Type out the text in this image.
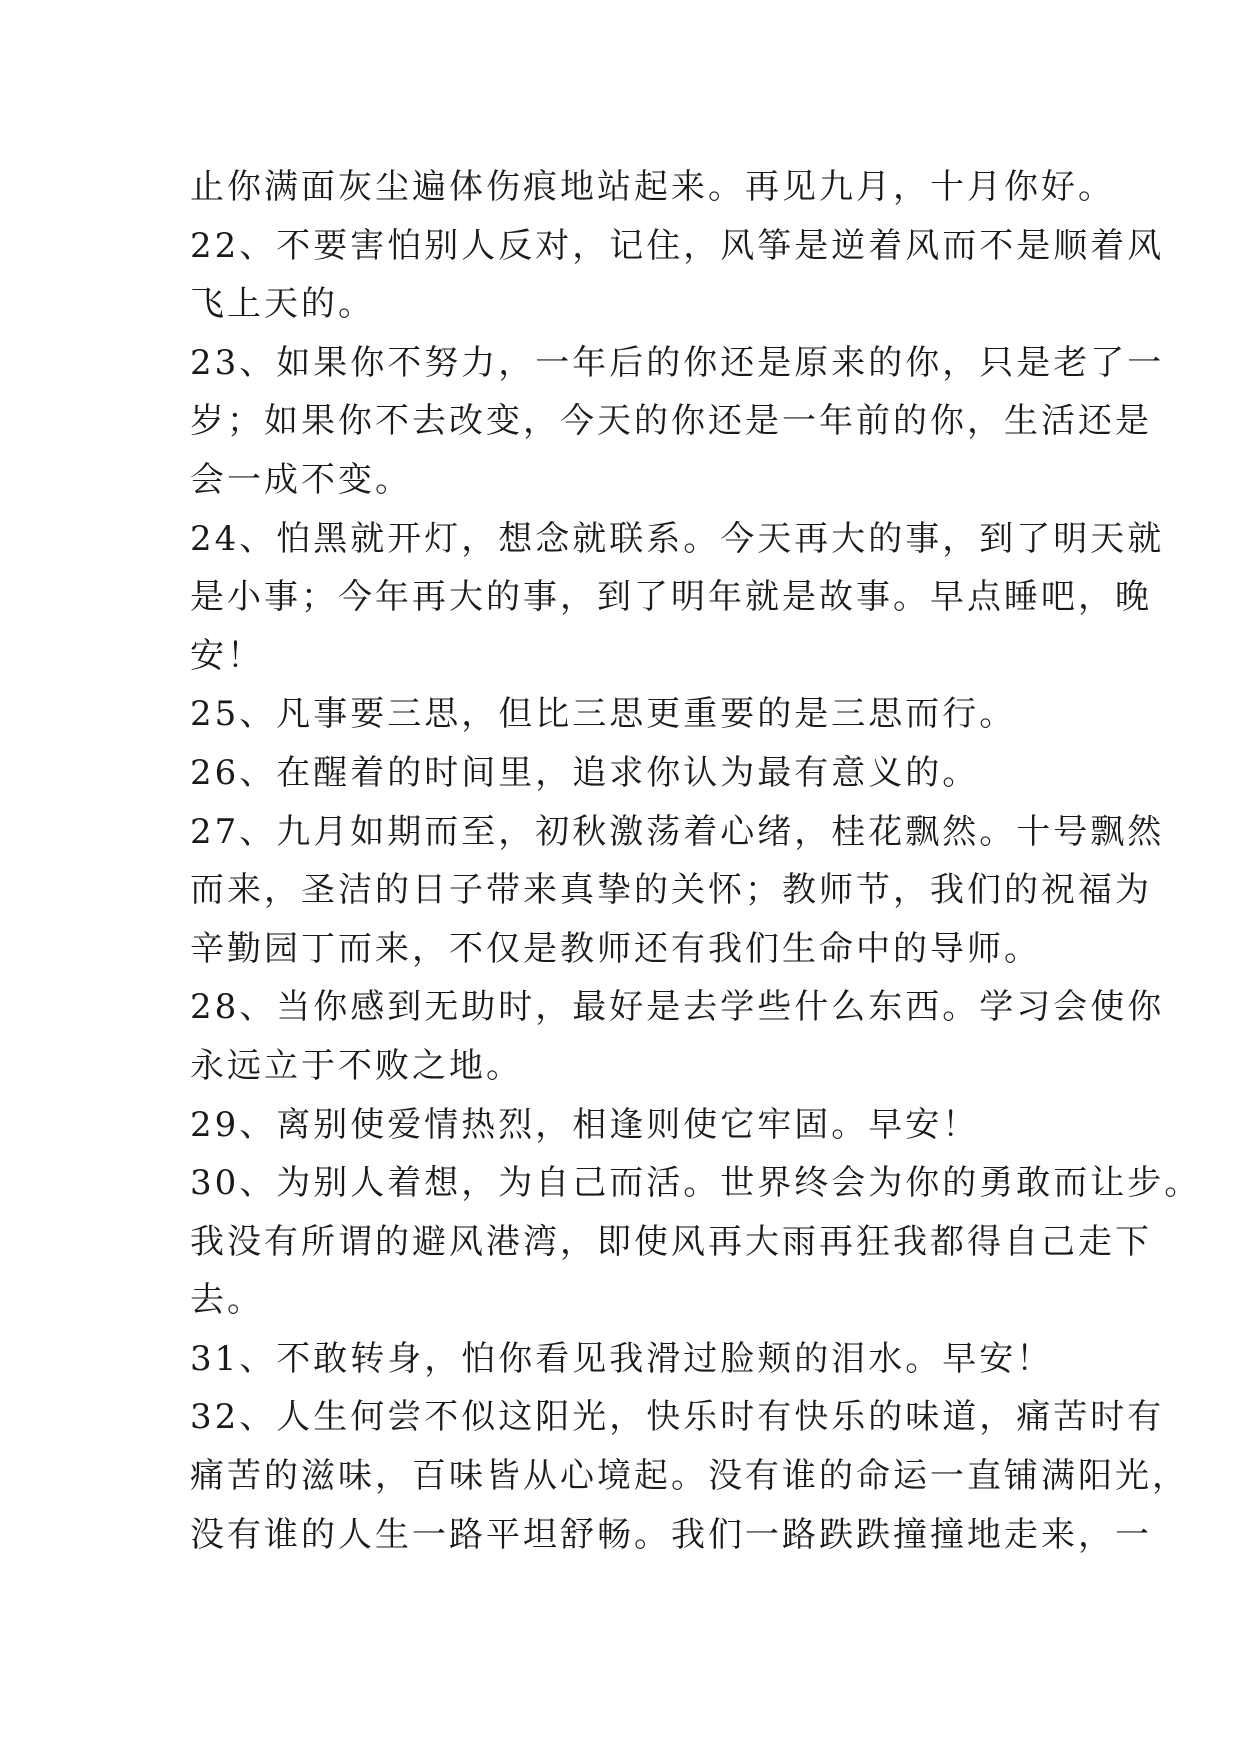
止你满面灰尘遍体伤痕地站起来。再见九月，十月你好。
22、不要害怕别人反对，记住，风筝是逆着风而不是顺着风
飞上天的。
23、如果你不努力，一年后的你还是原来的你，只是老了一
岁；如果你不去改变，今天的你还是一年前的你，生活还是
会一成不变。
24、怕黑就开灯，想念就联系。今天再大的事，到了明天就
是小事；今年再大的事，到了明年就是故事。早点睡吧，晚
安！
25、凡事要三思，但比三思更重要的是三思而行。
26、在醒着的时间里，追求你认为最有意义的。
27、九月如期而至，初秋激荡着心绪，桂花飘然。十号飘然
而来，圣洁的日子带来真挚的关怀；教师节，我们的祝福为
辛勤园丁而来，不仅是教师还有我们生命中的导师。
28、当你感到无助时，最好是去学些什么东西。学习会使你
永远立于不败之地。
29、离别使爱情热烈，相逢则使它牢固。早安！
30、为别人着想，为自己而活。世界终会为你的勇敢而让步。
我没有所谓的避风港湾，即使风再大雨再狂我都得自己走下
去。
31、不敢转身，怕你看见我滑过脸颊的泪水。早安！
32、人生何尝不似这阳光，快乐时有快乐的味道，痛苦时有
痛苦的滋味，百味皆从心境起。没有谁的命运一直铺满阳光，
没有谁的人生一路平坦舒畅。我们一路跌跌撞撞地走来，一
